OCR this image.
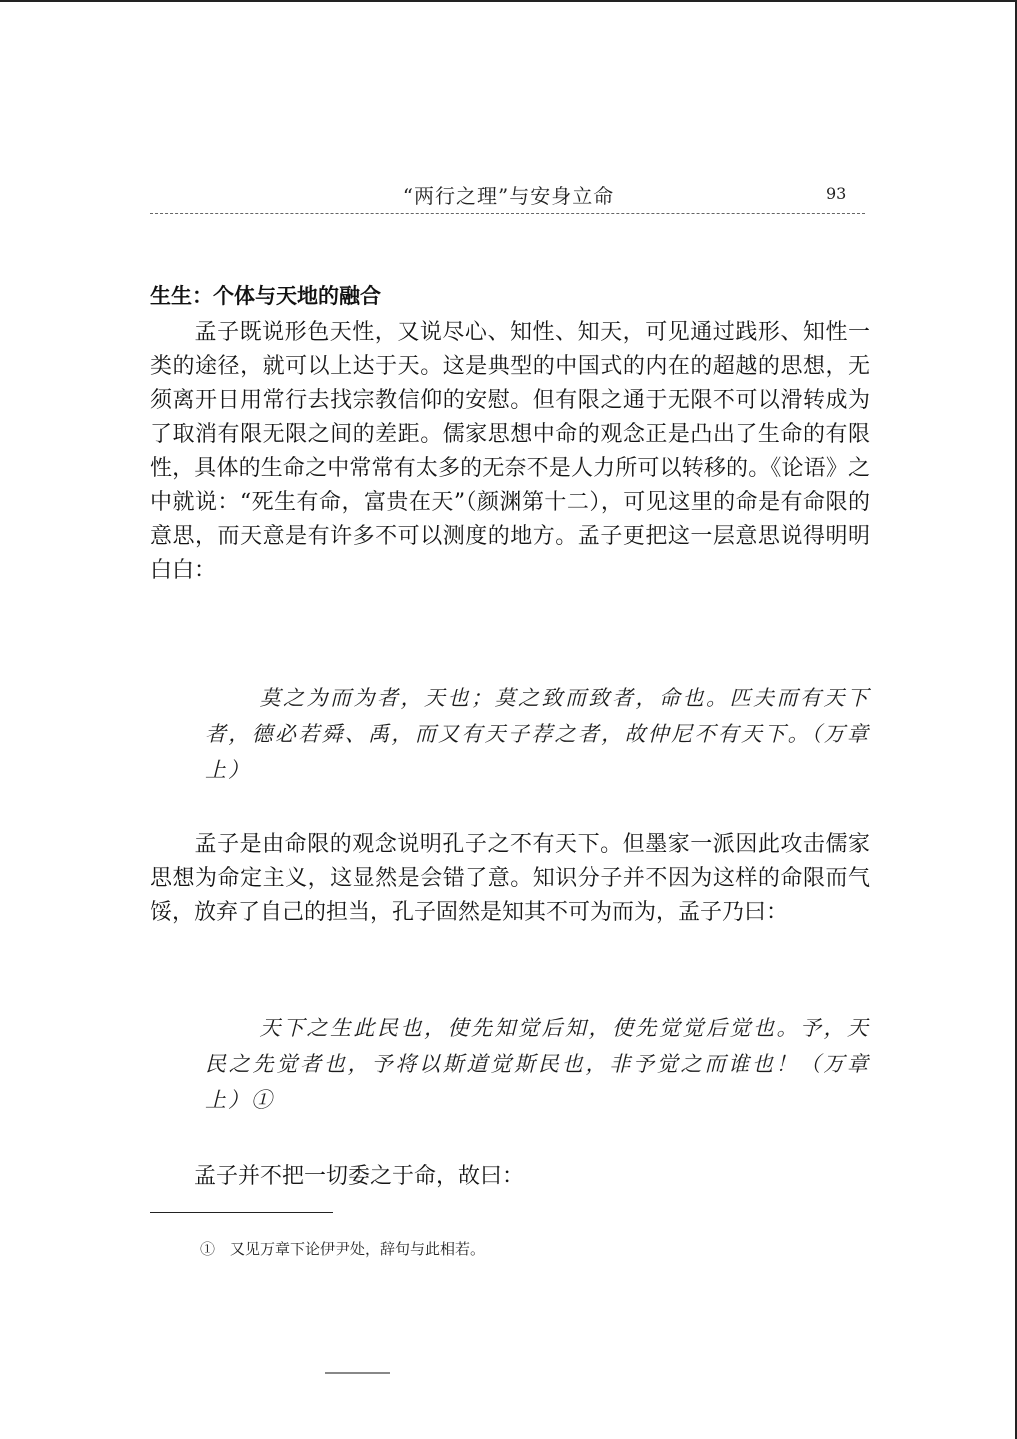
“两行之理”与安身立命	93
生生：个体与天地的融合
孟子既说形色天性，又说尽心、知性、知天，可见通过践形、知性一类的途径，就可以上达于天。这是典型的中国式的内在的超越的思想，无须离开日用常行去找宗教信仰的安慰。但有限之通于无限不可以滑转成为了取消有限无限之间的差距。儒家思想中命的观念正是凸出了生命的有限性，具体的生命之中常常有太多的无奈不是人力所可以转移的。《论语》之中就说：“死生有命，富贵在天”（颜渊第十二），可见这里的命是有命限的意思，而天意是有许多不可以测度的地方。孟子更把这一层意思说得明明白白：
莫之为而为者，天也；莫之致而致者，命也。匹夫而有天下者，德必若舜、禹，而又有天子荐之者，故仲尼不有天下。（万章上）
孟子是由命限的观念说明孔子之不有天下。但墨家一派因此攻击儒家思想为命定主义，这显然是会错了意。知识分子并不因为这样的命限而气馁，放弃了自己的担当，孔子固然是知其不可为而为，孟子乃曰：
天下之生此民也，使先知觉后知，使先觉觉后觉也。予，天民之先觉者也，予将以斯道觉斯民也，非予觉之而谁也！（万章上）①
孟子并不把一切委之于命，故曰：
①　又见万章下论伊尹处，辞句与此相若。
